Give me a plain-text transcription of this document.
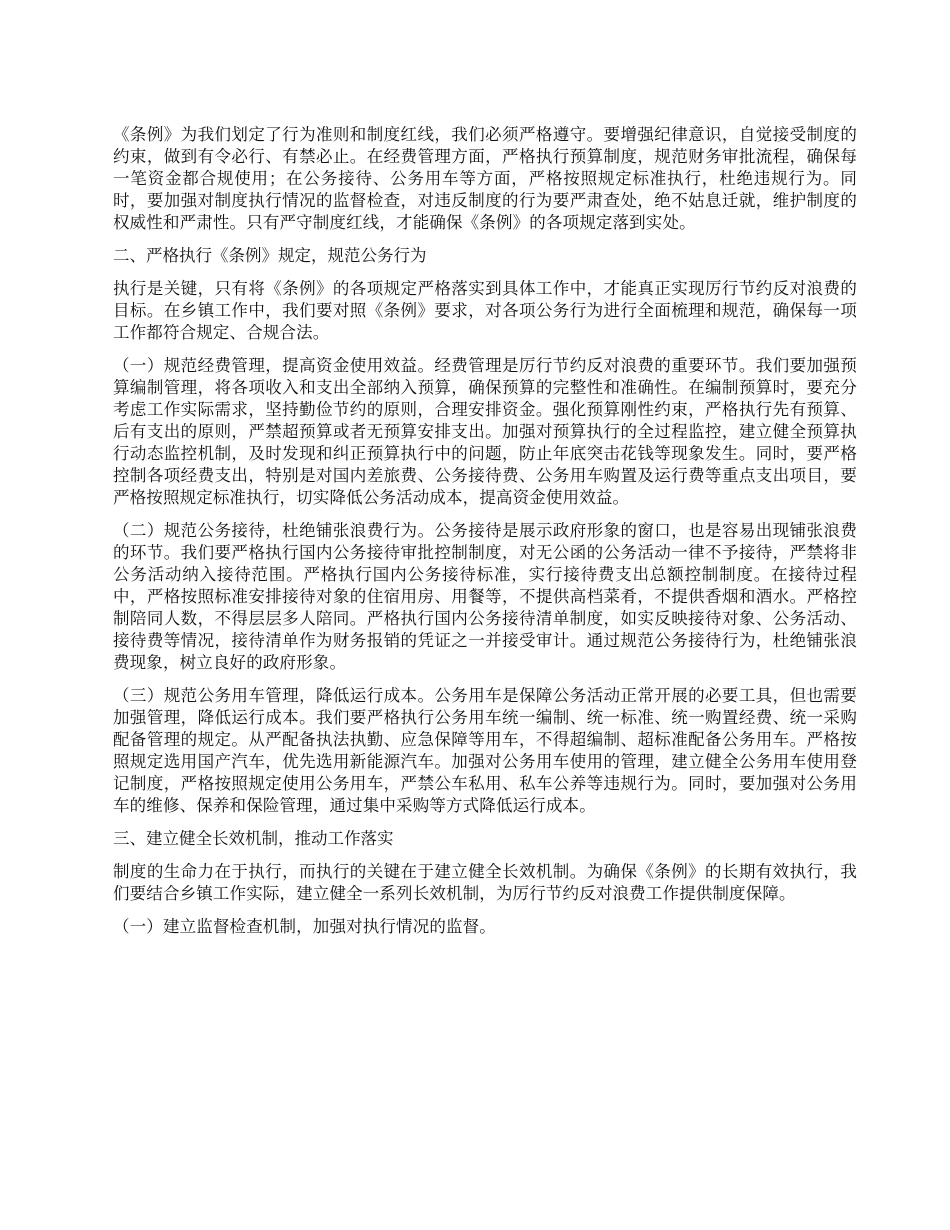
《条例》为我们划定了行为准则和制度红线，我们必须严格遵守。要增强纪律意识，自觉接受制度的约束，做到有令必行、有禁必止。在经费管理方面，严格执行预算制度，规范财务审批流程，确保每一笔资金都合规使用；在公务接待、公务用车等方面，严格按照规定标准执行，杜绝违规行为。同时，要加强对制度执行情况的监督检查，对违反制度的行为要严肃查处，绝不姑息迁就，维护制度的权威性和严肃性。只有严守制度红线，才能确保《条例》的各项规定落到实处。

二、严格执行《条例》规定，规范公务行为

执行是关键，只有将《条例》的各项规定严格落实到具体工作中，才能真正实现厉行节约反对浪费的目标。在乡镇工作中，我们要对照《条例》要求，对各项公务行为进行全面梳理和规范，确保每一项工作都符合规定、合规合法。

（一）规范经费管理，提高资金使用效益。经费管理是厉行节约反对浪费的重要环节。我们要加强预算编制管理，将各项收入和支出全部纳入预算，确保预算的完整性和准确性。在编制预算时，要充分考虑工作实际需求，坚持勤俭节约的原则，合理安排资金。强化预算刚性约束，严格执行先有预算、后有支出的原则，严禁超预算或者无预算安排支出。加强对预算执行的全过程监控，建立健全预算执行动态监控机制，及时发现和纠正预算执行中的问题，防止年底突击花钱等现象发生。同时，要严格控制各项经费支出，特别是对国内差旅费、公务接待费、公务用车购置及运行费等重点支出项目，要严格按照规定标准执行，切实降低公务活动成本，提高资金使用效益。

（二）规范公务接待，杜绝铺张浪费行为。公务接待是展示政府形象的窗口，也是容易出现铺张浪费的环节。我们要严格执行国内公务接待审批控制制度，对无公函的公务活动一律不予接待，严禁将非公务活动纳入接待范围。严格执行国内公务接待标准，实行接待费支出总额控制制度。在接待过程中，严格按照标准安排接待对象的住宿用房、用餐等，不提供高档菜肴，不提供香烟和酒水。严格控制陪同人数，不得层层多人陪同。严格执行国内公务接待清单制度，如实反映接待对象、公务活动、接待费等情况，接待清单作为财务报销的凭证之一并接受审计。通过规范公务接待行为，杜绝铺张浪费现象，树立良好的政府形象。

（三）规范公务用车管理，降低运行成本。公务用车是保障公务活动正常开展的必要工具，但也需要加强管理，降低运行成本。我们要严格执行公务用车统一编制、统一标准、统一购置经费、统一采购配备管理的规定。从严配备执法执勤、应急保障等用车，不得超编制、超标准配备公务用车。严格按照规定选用国产汽车，优先选用新能源汽车。加强对公务用车使用的管理，建立健全公务用车使用登记制度，严格按照规定使用公务用车，严禁公车私用、私车公养等违规行为。同时，要加强对公务用车的维修、保养和保险管理，通过集中采购等方式降低运行成本。

三、建立健全长效机制，推动工作落实

制度的生命力在于执行，而执行的关键在于建立健全长效机制。为确保《条例》的长期有效执行，我们要结合乡镇工作实际，建立健全一系列长效机制，为厉行节约反对浪费工作提供制度保障。

（一）建立监督检查机制，加强对执行情况的监督。
